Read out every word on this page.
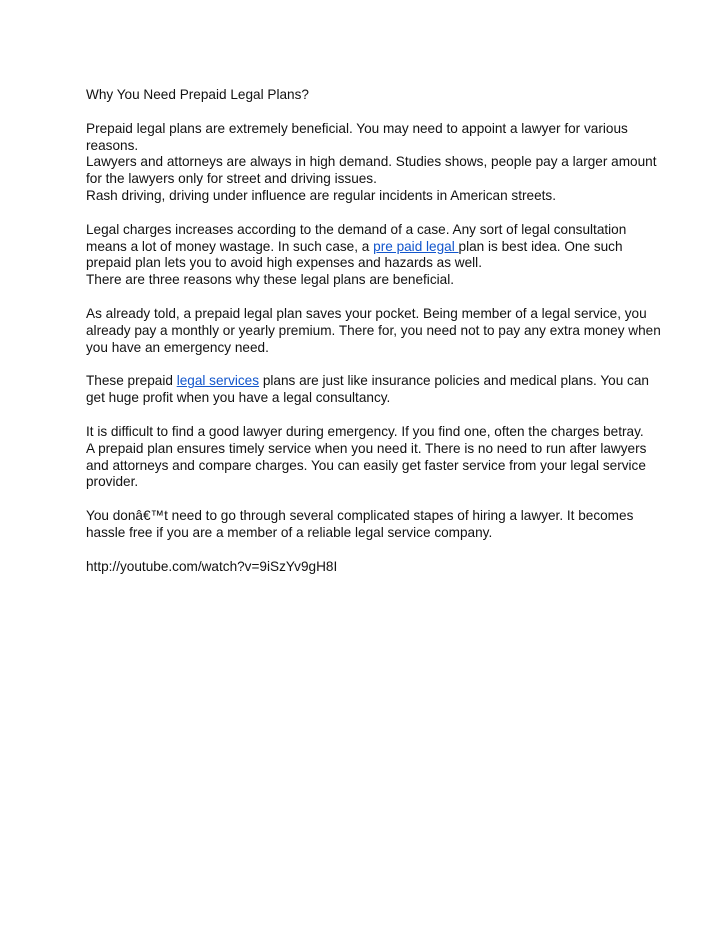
Why You Need Prepaid Legal Plans?

Prepaid legal plans are extremely beneficial. You may need to appoint a lawyer for various
reasons.
Lawyers and attorneys are always in high demand. Studies shows, people pay a larger amount
for the lawyers only for street and driving issues.
Rash driving, driving under influence are regular incidents in American streets.

Legal charges increases according to the demand of a case. Any sort of legal consultation
means a lot of money wastage. In such case, a pre paid legal plan is best idea. One such
prepaid plan lets you to avoid high expenses and hazards as well.
There are three reasons why these legal plans are beneficial.

As already told, a prepaid legal plan saves your pocket. Being member of a legal service, you
already pay a monthly or yearly premium. There for, you need not to pay any extra money when
you have an emergency need.

These prepaid legal services plans are just like insurance policies and medical plans. You can
get huge profit when you have a legal consultancy.

It is difficult to find a good lawyer during emergency. If you find one, often the charges betray.
A prepaid plan ensures timely service when you need it. There is no need to run after lawyers
and attorneys and compare charges. You can easily get faster service from your legal service
provider.

You donâ€™t need to go through several complicated stapes of hiring a lawyer. It becomes
hassle free if you are a member of a reliable legal service company.

http://youtube.com/watch?v=9iSzYv9gH8I
